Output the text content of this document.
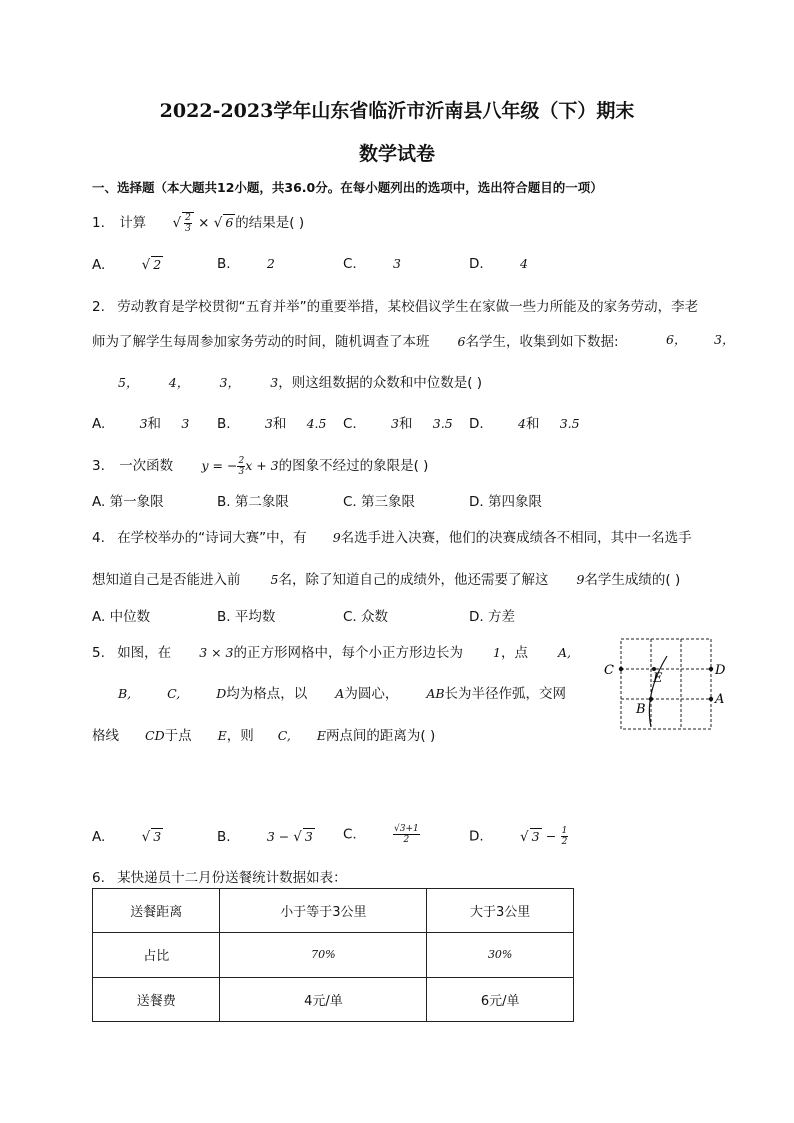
2022-2023学年山东省临沂市沂南县八年级（下）期末
数学试卷
一、选择题（本大题共12小题，共36.0分。在每小题列出的选项中，选出符合题目的一项）
1. 计算 √ $\frac{2}{3}$ × √ 6 的结果是( )
A.	√ 2	B.	2	C.	3	D.	4
2. 劳动教育是学校贯彻“五育并举”的重要举措，某校倡议学生在家做一些力所能及的家务劳动，李老
师为了解学生每周参加家务劳动的时间，随机调查了本班 6名学生，收集到如下数据:	6， 3，
5， 4， 3， 3，则这组数据的众数和中位数是( )
A.	3和 3 B.	3和 4.5 C.	3和 3.5 D.	4和 3.5
3. 一次函数 y = − $\frac{2}{3}$ x + 3的图象不经过的象限是( )
A. 第一象限	B. 第二象限	C. 第三象限	D. 第四象限
4. 在学校举办的“诗词大赛”中，有 9名选手进入决赛，他们的决赛成绩各不相同，其中一名选手
想知道自己是否能进入前 5名，除了知道自己的成绩外，他还需要了解这 9名学生成绩的( )
A. 中位数	B. 平均数	C. 众数	D. 方差
5. 如图，在 3 × 3的正方形网格中，每个小正方形边长为 1，点 A,
B,	C,	D均为格点，以 A为圆心， AB长为半径作弧，交网
格线 CD于点 E，则 C, E两点间的距离为( )
C	D
A
B
E
A.	√ 3	B.	3 − √ 3 C.	$\frac{√3+1}{2}$	D.	√ $3 - \frac{1}{2}$
6. 某快递员十二月份送餐统计数据如表：
送餐距离	小于等于3公里	大于3公里
占比	70%	30%
送餐费	4元/单	6元/单
